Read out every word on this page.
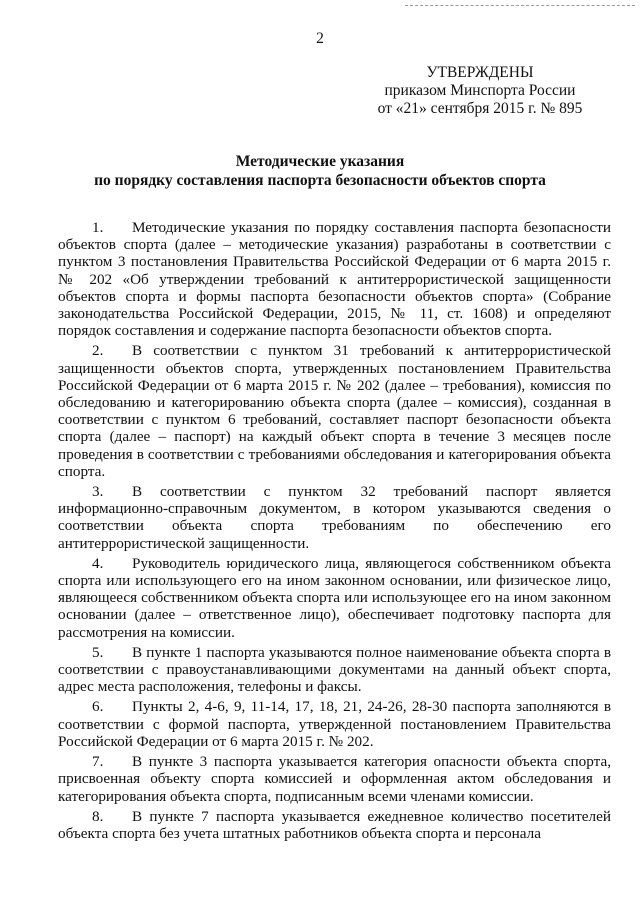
2
УТВЕРЖДЕНЫ
приказом Минспорта России
от «21» сентября 2015 г. № 895
Методические указания
по порядку составления паспорта безопасности объектов спорта

1. Методические указания по порядку составления паспорта безопасности объектов спорта (далее – методические указания) разработаны в соответствии с пунктом 3 постановления Правительства Российской Федерации от 6 марта 2015 г. № 202 «Об утверждении требований к антитеррористической защищенности объектов спорта и формы паспорта безопасности объектов спорта» (Собрание законодательства Российской Федерации, 2015, № 11, ст. 1608) и определяют порядок составления и содержание паспорта безопасности объектов спорта.

2. В соответствии с пунктом 31 требований к антитеррористической защищенности объектов спорта, утвержденных постановлением Правительства Российской Федерации от 6 марта 2015 г. № 202 (далее – требования), комиссия по обследованию и категорированию объекта спорта (далее – комиссия), созданная в соответствии с пунктом 6 требований, составляет паспорт безопасности объекта спорта (далее – паспорт) на каждый объект спорта в течение 3 месяцев после проведения в соответствии с требованиями обследования и категорирования объекта спорта.

3. В соответствии с пунктом 32 требований паспорт является информационно-справочным документом, в котором указываются сведения о соответствии объекта спорта требованиям по обеспечению его антитеррористической защищенности.

4. Руководитель юридического лица, являющегося собственником объекта спорта или использующего его на ином законном основании, или физическое лицо, являющееся собственником объекта спорта или использующее его на ином законном основании (далее – ответственное лицо), обеспечивает подготовку паспорта для рассмотрения на комиссии.

5. В пункте 1 паспорта указываются полное наименование объекта спорта в соответствии с правоустанавливающими документами на данный объект спорта, адрес места расположения, телефоны и факсы.

6. Пункты 2, 4-6, 9, 11-14, 17, 18, 21, 24-26, 28-30 паспорта заполняются в соответствии с формой паспорта, утвержденной постановлением Правительства Российской Федерации от 6 марта 2015 г. № 202.

7. В пункте 3 паспорта указывается категория опасности объекта спорта, присвоенная объекту спорта комиссией и оформленная актом обследования и категорирования объекта спорта, подписанным всеми членами комиссии.

8. В пункте 7 паспорта указывается ежедневное количество посетителей объекта спорта без учета штатных работников объекта спорта и персонала
